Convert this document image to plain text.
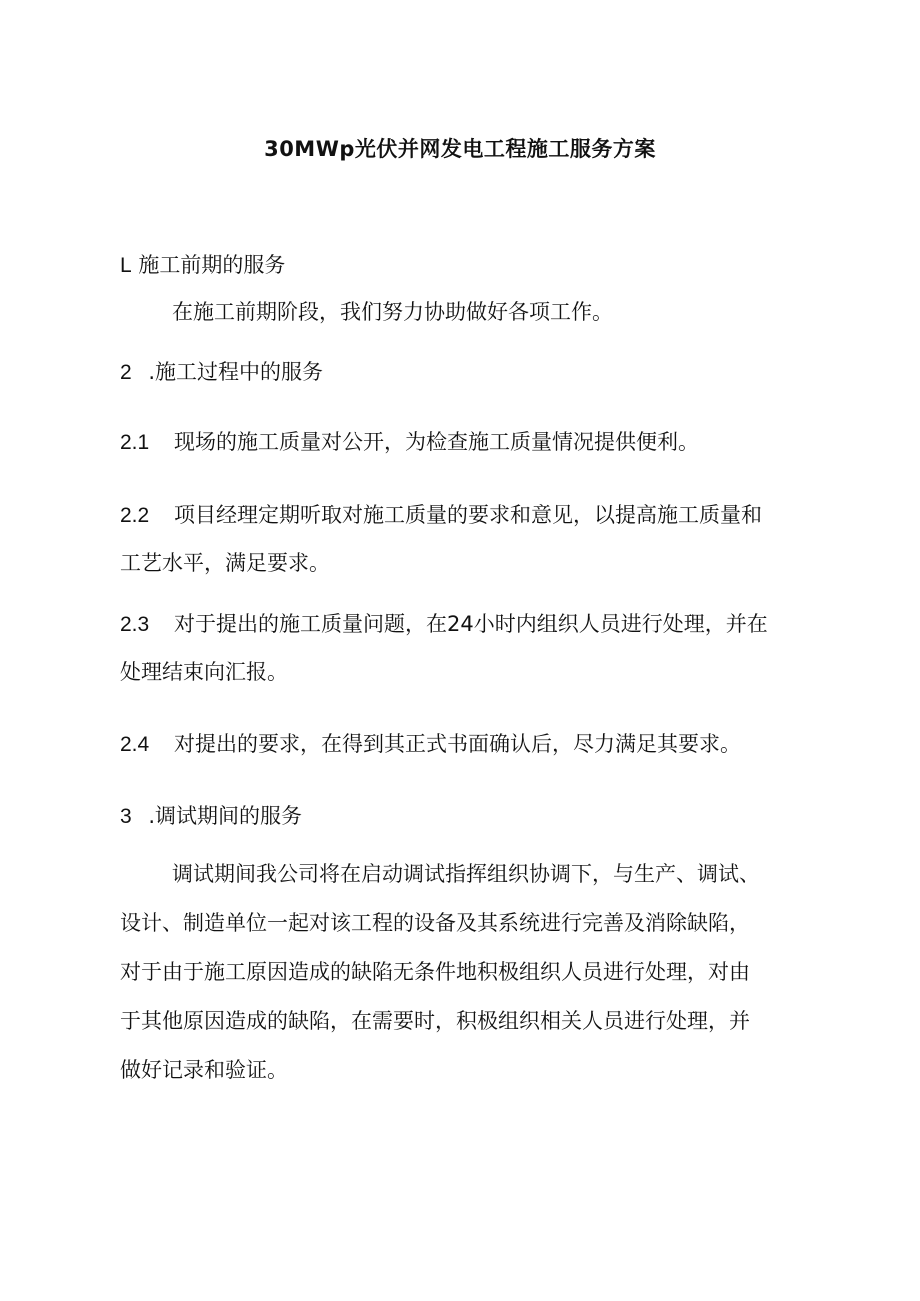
30MWp光伏并网发电工程施工服务方案
L 施工前期的服务
在施工前期阶段，我们努力协助做好各项工作。
2 .施工过程中的服务
2.1 现场的施工质量对公开，为检查施工质量情况提供便利。
2.2 项目经理定期听取对施工质量的要求和意见，以提高施工质量和
工艺水平，满足要求。
2.3 对于提出的施工质量问题，在24小时内组织人员进行处理，并在
处理结束向汇报。
2.4 对提出的要求，在得到其正式书面确认后，尽力满足其要求。
3 .调试期间的服务
调试期间我公司将在启动调试指挥组织协调下，与生产、调试、
设计、制造单位一起对该工程的设备及其系统进行完善及消除缺陷，
对于由于施工原因造成的缺陷无条件地积极组织人员进行处理，对由
于其他原因造成的缺陷，在需要时，积极组织相关人员进行处理，并
做好记录和验证。
